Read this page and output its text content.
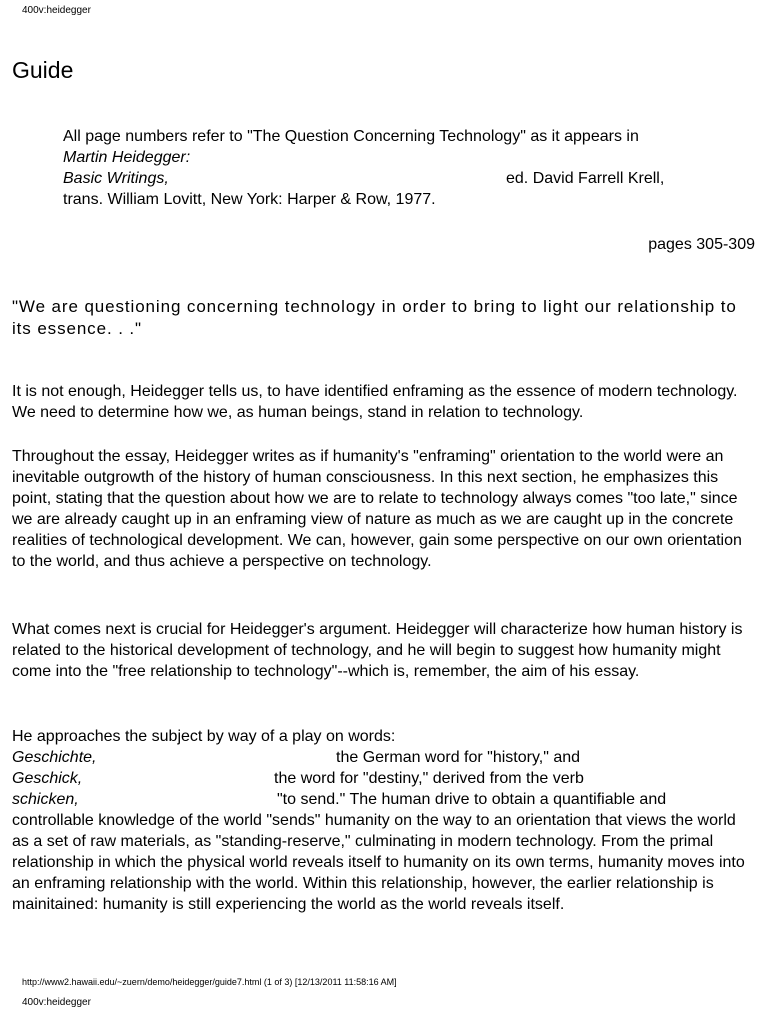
400v:heidegger
Guide
All page numbers refer to "The Question Concerning Technology" as it appears in
Martin Heidegger:
Basic Writings,	ed. David Farrell Krell,
trans. William Lovitt, New York: Harper & Row, 1977.
pages 305-309
"We are questioning concerning technology in order to bring to light our relationship to its essence. . ."
It is not enough, Heidegger tells us, to have identified enframing as the essence of modern technology. We need to determine how we, as human beings, stand in relation to technology.
Throughout the essay, Heidegger writes as if humanity's "enframing" orientation to the world were an inevitable outgrowth of the history of human consciousness. In this next section, he emphasizes this point, stating that the question about how we are to relate to technology always comes "too late," since we are already caught up in an enframing view of nature as much as we are caught up in the concrete realities of technological development. We can, however, gain some perspective on our own orientation to the world, and thus achieve a perspective on technology.
What comes next is crucial for Heidegger's argument. Heidegger will characterize how human history is related to the historical development of technology, and he will begin to suggest how humanity might come into the "free relationship to technology"--which is, remember, the aim of his essay.
He approaches the subject by way of a play on words:
Geschichte,	the German word for "history," and
Geschick,	the word for "destiny," derived from the verb
schicken,	"to send." The human drive to obtain a quantifiable and

controllable knowledge of the world "sends" humanity on the way to an orientation that views the world as a set of raw materials, as "standing-reserve," culminating in modern technology. From the primal relationship in which the physical world reveals itself to humanity on its own terms, humanity moves into an enframing relationship with the world. Within this relationship, however, the earlier relationship is mainitained: humanity is still experiencing the world as the world reveals itself.

http://www2.hawaii.edu/~zuern/demo/heidegger/guide7.html (1 of 3) [12/13/2011 11:58:16 AM]
400v:heidegger
